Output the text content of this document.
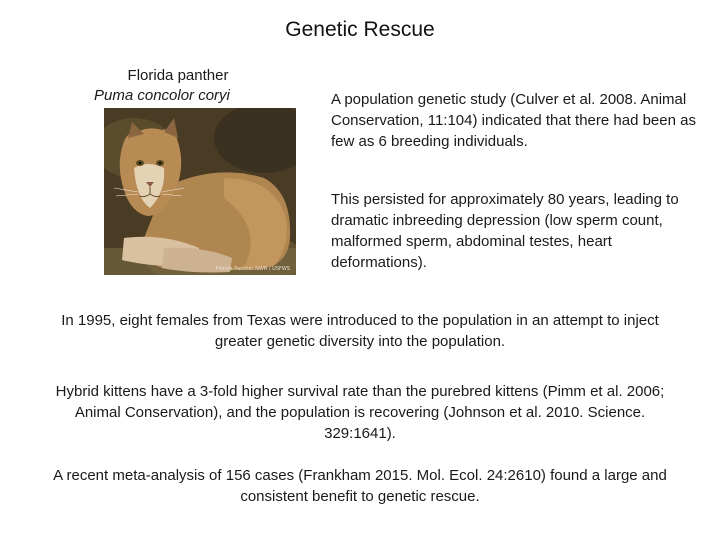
Genetic Rescue
Florida panther
Puma concolor coryi
Florida Panther NWR / USFWS
A population genetic study (Culver et al. 2008. Animal Conservation, 11:104) indicated that there had been as few as 6 breeding individuals.
This persisted for approximately 80 years, leading to dramatic inbreeding depression (low sperm count, malformed sperm, abdominal testes, heart deformations).
In 1995, eight females from Texas were introduced to the population in an attempt to inject greater genetic diversity into the population.
Hybrid kittens have a 3-fold higher survival rate than the purebred kittens (Pimm et al. 2006; Animal Conservation), and the population is recovering (Johnson et al. 2010. Science. 329:1641).
A recent meta-analysis of 156 cases (Frankham 2015. Mol. Ecol. 24:2610) found a large and consistent benefit to genetic rescue.
